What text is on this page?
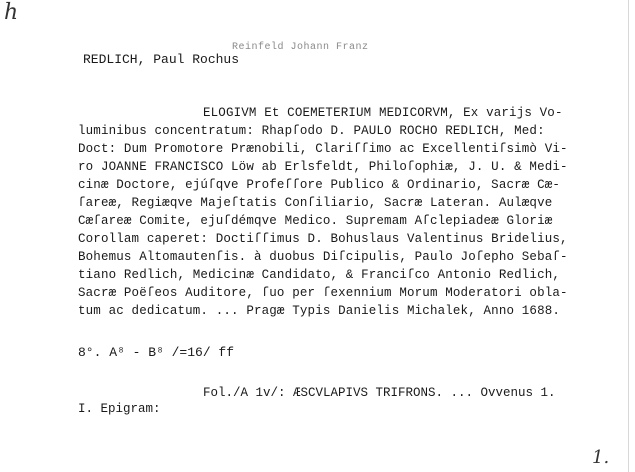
h
Reinfeld Johann Franz
REDLICH, Paul Rochus
ELOGIVM Et COEMETERIUM MEDICORVM, Ex varijs Vo-
luminibus concentratum: Rhapſodo D. PAULO ROCHO REDLICH, Med:
Doct: Dum Promotore Prænobili, Clariſſimo ac Excellentiſsimò Vi-
ro JOANNE FRANCISCO Löw ab Erlsfeldt, Philoſophiæ, J. U. & Medi-
cinæ Doctore, ejúſqve Profeſſore Publico & Ordinario, Sacræ Cæ-
ſareæ, Regiæqve Majeſtatis Conſiliario, Sacræ Lateran. Aulæqve
Cæſareæ Comite, ejuſdémqve Medico. Supremam Aſclepiadeæ Gloriæ
Corollam caperet: Doctiſſimus D. Bohuslaus Valentinus Bridelius,
Bohemus Altomautenſis. à duobus Diſcipulis, Paulo Joſepho Sebaſ-
tiano Redlich, Medicinæ Candidato, & Franciſco Antonio Redlich,
Sacræ Poëſeos Auditore, ſuo per ſexennium Morum Moderatori obla-
tum ac dedicatum. ... Pragæ Typis Danielis Michalek, Anno 1688.
8°. A⁸ - B⁸ /=16/ ff
Fol./A 1v/: ÆSCVLAPIVS TRIFRONS. ... Ovvenus 1.
I. Epigram:
1.
